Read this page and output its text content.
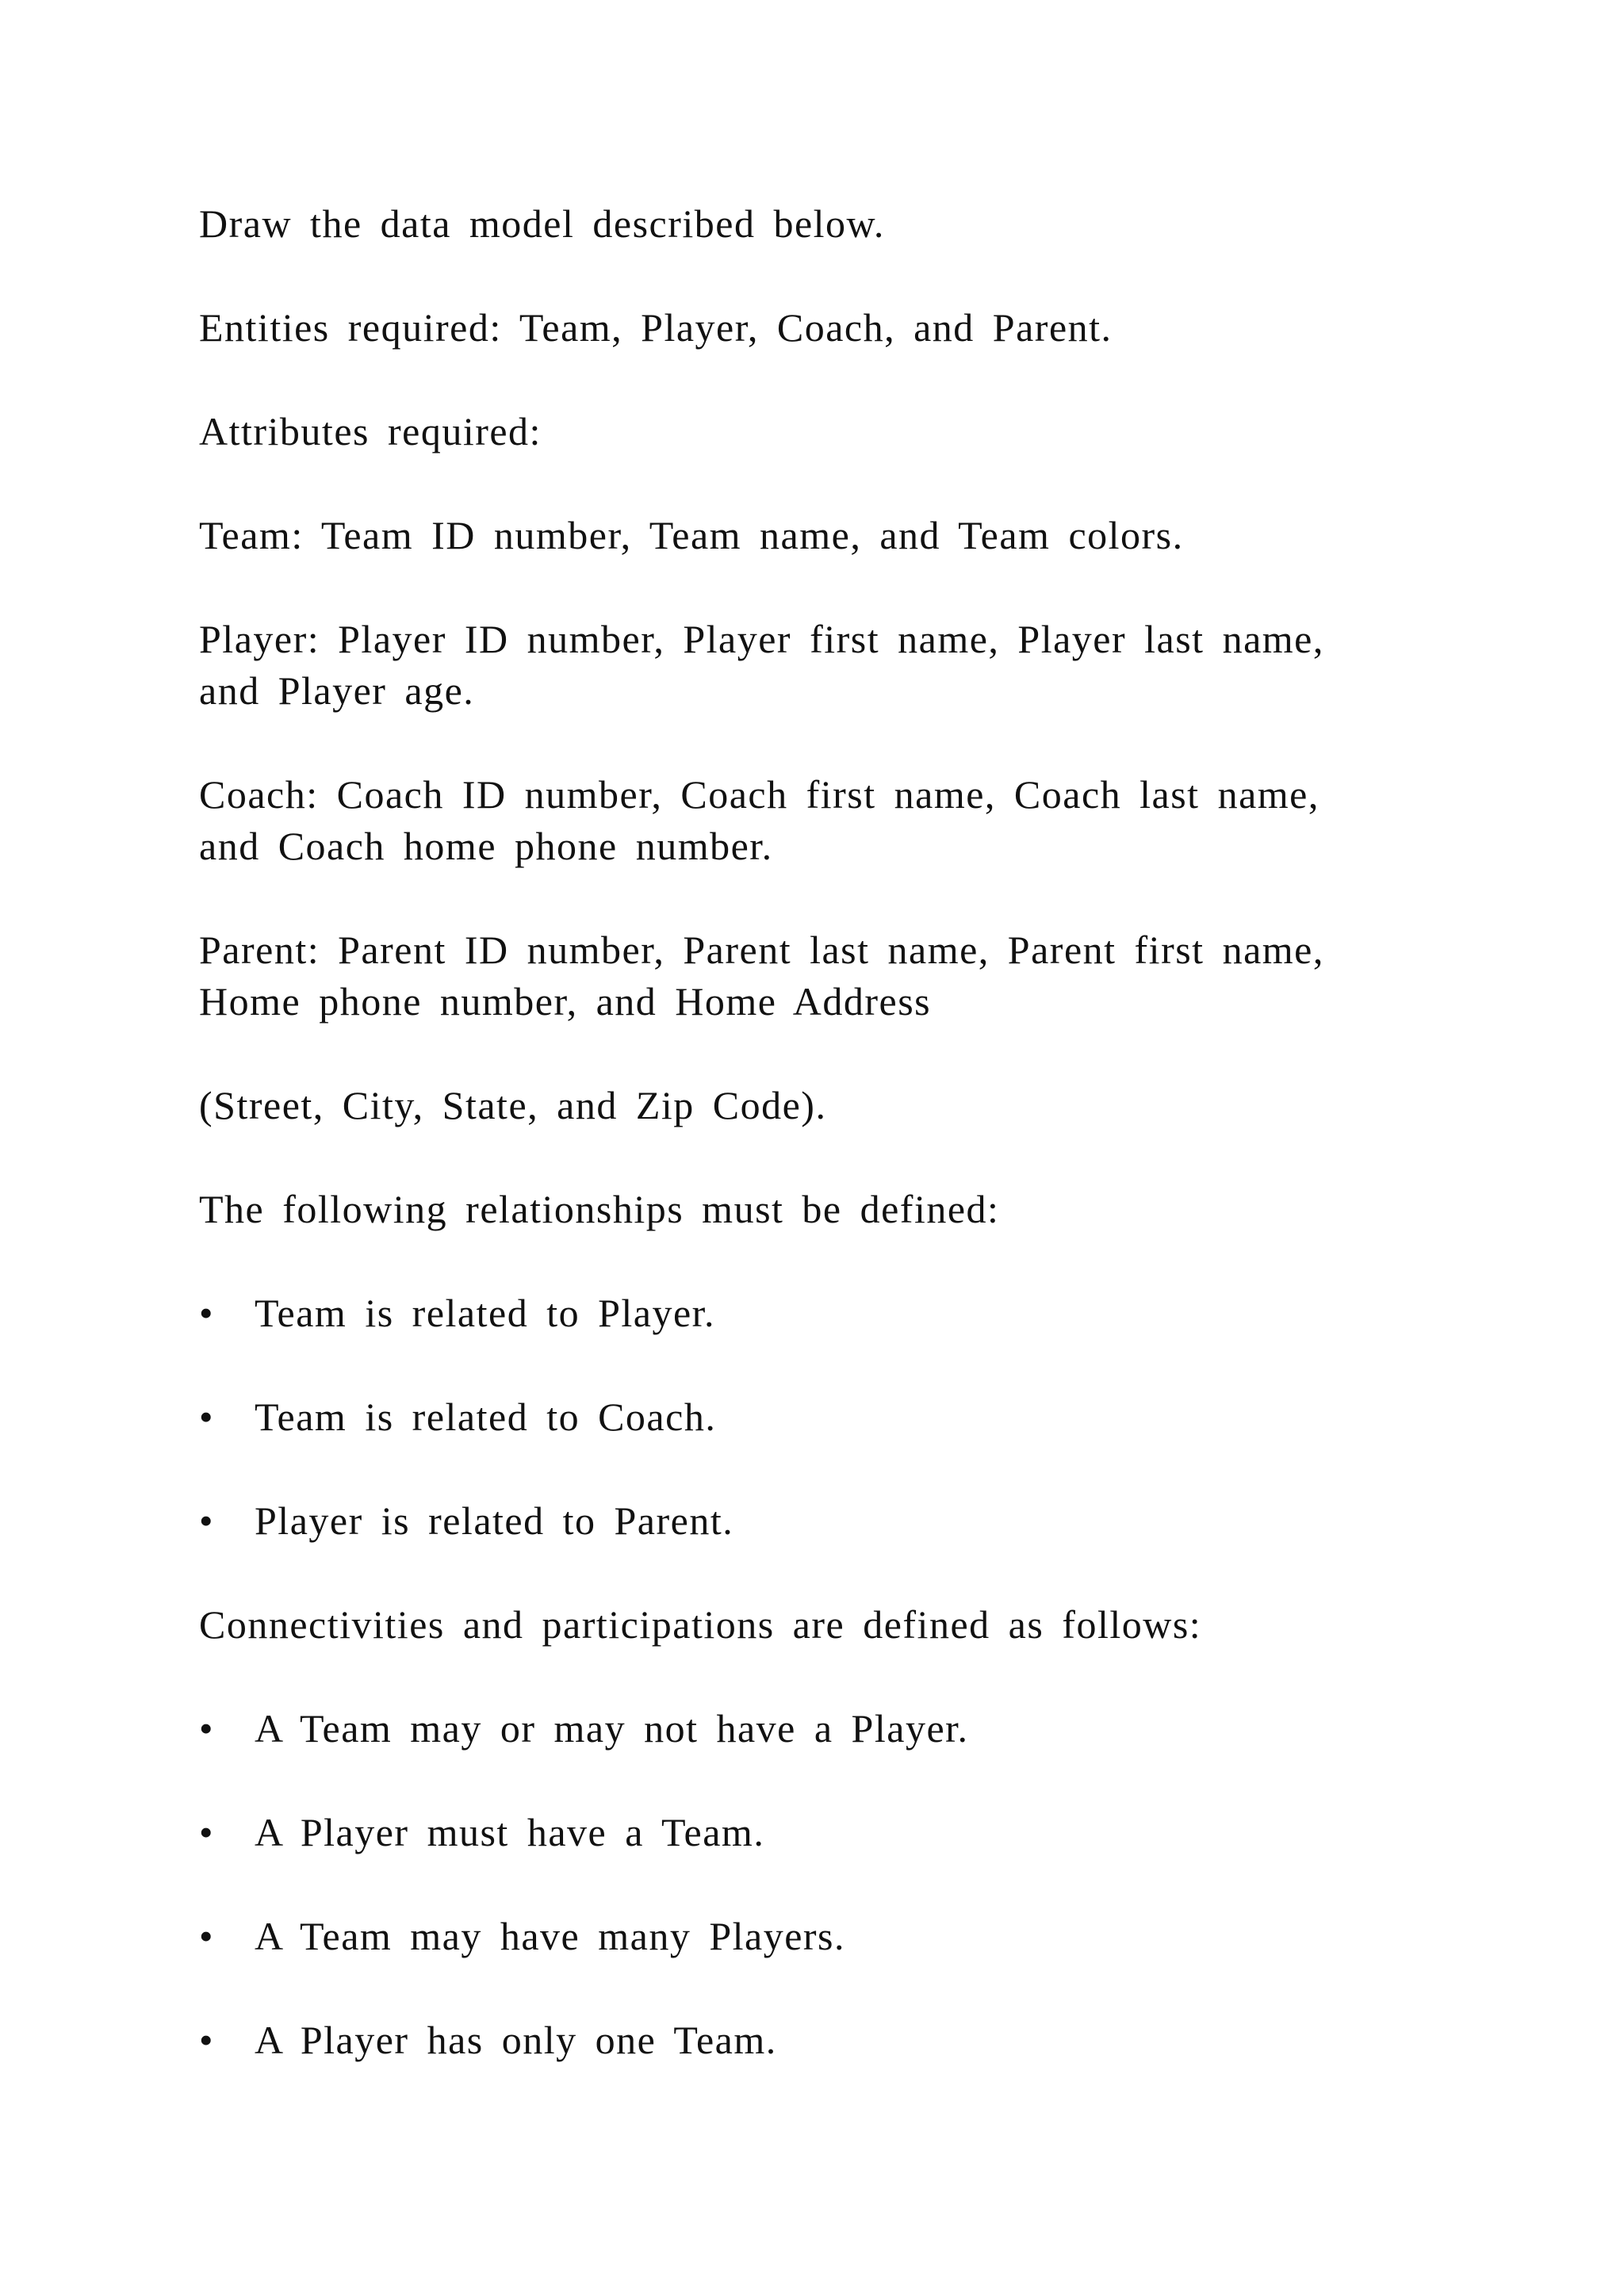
Draw the data model described below.

Entities required: Team, Player, Coach, and Parent.

Attributes required:

Team: Team ID number, Team name, and Team colors.

Player: Player ID number, Player first name, Player last name,
and Player age.

Coach: Coach ID number, Coach first name, Coach last name,
and Coach home phone number.

Parent: Parent ID number, Parent last name, Parent first name,
Home phone number, and Home Address

(Street, City, State, and Zip Code).

The following relationships must be defined:

•	Team is related to Player.
•	Team is related to Coach.
•	Player is related to Parent.

Connectivities and participations are defined as follows:

•	A Team may or may not have a Player.
•	A Player must have a Team.
•	A Team may have many Players.
•	A Player has only one Team.
